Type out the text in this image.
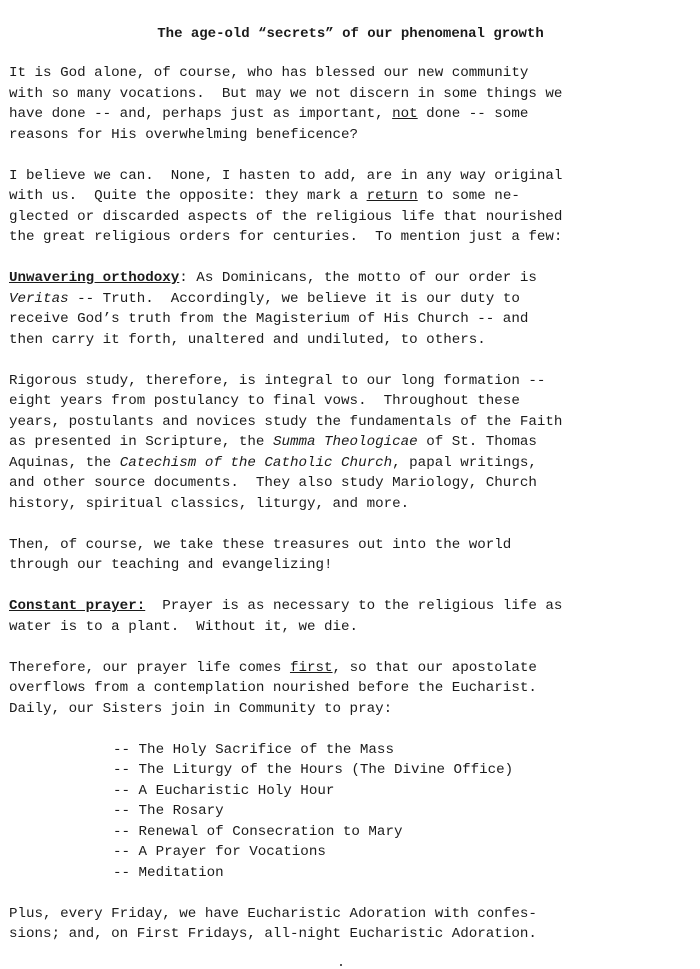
The age-old “secrets” of our phenomenal growth
It is God alone, of course, who has blessed our new community
with so many vocations.  But may we not discern in some things we
have done -- and, perhaps just as important, not done -- some
reasons for His overwhelming beneficence?
I believe we can.  None, I hasten to add, are in any way original
with us.  Quite the opposite: they mark a return to some ne-
glected or discarded aspects of the religious life that nourished
the great religious orders for centuries.  To mention just a few:
Unwavering orthodoxy: As Dominicans, the motto of our order is
Veritas -- Truth.  Accordingly, we believe it is our duty to
receive God’s truth from the Magisterium of His Church -- and
then carry it forth, unaltered and undiluted, to others.
Rigorous study, therefore, is integral to our long formation --
eight years from postulancy to final vows.  Throughout these
years, postulants and novices study the fundamentals of the Faith
as presented in Scripture, the Summa Theologicae of St. Thomas
Aquinas, the Catechism of the Catholic Church, papal writings,
and other source documents.  They also study Mariology, Church
history, spiritual classics, liturgy, and more.
Then, of course, we take these treasures out into the world
through our teaching and evangelizing!
Constant prayer:  Prayer is as necessary to the religious life as
water is to a plant.  Without it, we die.
Therefore, our prayer life comes first, so that our apostolate
overflows from a contemplation nourished before the Eucharist.
Daily, our Sisters join in Community to pray:
-- The Holy Sacrifice of the Mass
-- The Liturgy of the Hours (The Divine Office)
-- A Eucharistic Holy Hour
-- The Rosary
-- Renewal of Consecration to Mary
-- A Prayer for Vocations
-- Meditation
Plus, every Friday, we have Eucharistic Adoration with confes-
sions; and, on First Fridays, all-night Eucharistic Adoration.
